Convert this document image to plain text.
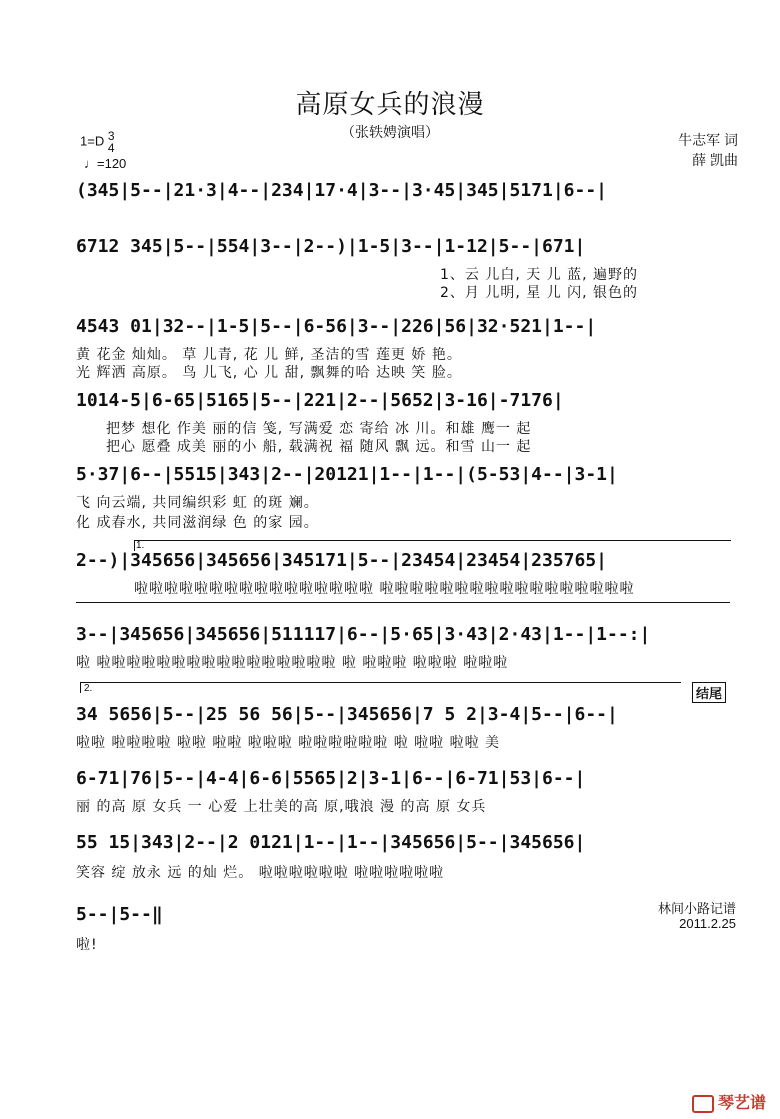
高原女兵的浪漫
（张轶娉演唱）
1=D 3
4
♩=120
牛志军 词
薛 凯曲
(345|5--|21·3|4--|234|17·4|3--|3·45|345|5171|6--|
6712 345|5--|554|3--|2--)|1-5|3--|1-12|5--|671|
1、云 儿白, 天 儿 蓝, 遍野的
2、月 儿明, 星 儿 闪, 银色的
4543 01|32--|1-5|5--|6-56|3--|226|56|32·521|1--|
黄 花金 灿灿。 草 儿青, 花 儿 鲜, 圣洁的雪 莲更 娇 艳。
光 辉洒 高原。 鸟 儿飞, 心 儿 甜, 飘舞的哈 达映 笑 脸。
1014-5|6-65|5165|5--|221|2--|5652|3-16|-7176|
把梦 想化 作美 丽的信 笺, 写满爱 恋 寄给 冰 川。和雄 鹰一 起
把心 愿叠 成美 丽的小 船, 载满祝 福 随风 飘 远。和雪 山一 起
5·37|6--|5515|343|2--|20121|1--|1--|(5-53|4--|3-1|
飞 向云端, 共同编织彩 虹 的斑 斓。
化 成春水, 共同滋润绿 色 的家 园。
1.
2--)|345656|345656|345171|5--|23454|23454|235765|
啦啦啦啦啦啦啦啦啦啦啦啦啦啦啦啦 啦啦啦啦啦啦啦啦啦啦啦啦啦啦啦啦啦
3--|345656|345656|511117|6--|5·65|3·43|2·43|1--|1--:|
啦 啦啦啦啦啦啦啦啦啦啦啦啦啦啦啦啦 啦 啦啦啦 啦啦啦 啦啦啦
2.	结尾
34 5656|5--|25 56 56|5--|345656|7 5 2|3-4|5--|6--|
啦啦 啦啦啦啦 啦啦 啦啦 啦啦啦 啦啦啦啦啦啦 啦 啦啦 啦啦 美
6-71|76|5--|4-4|6-6|5565|2|3-1|6--|6-71|53|6--|
丽 的高 原 女兵 一 心爱 上壮美的高 原,哦浪 漫 的高 原 女兵
55 15|343|2--|2 0121|1--|1--|345656|5--|345656|
笑容 绽 放永 远 的灿 烂。 啦啦啦啦啦啦 啦啦啦啦啦啦
5--|5--‖
啦!
林间小路记谱
2011.2.25
琴艺谱
